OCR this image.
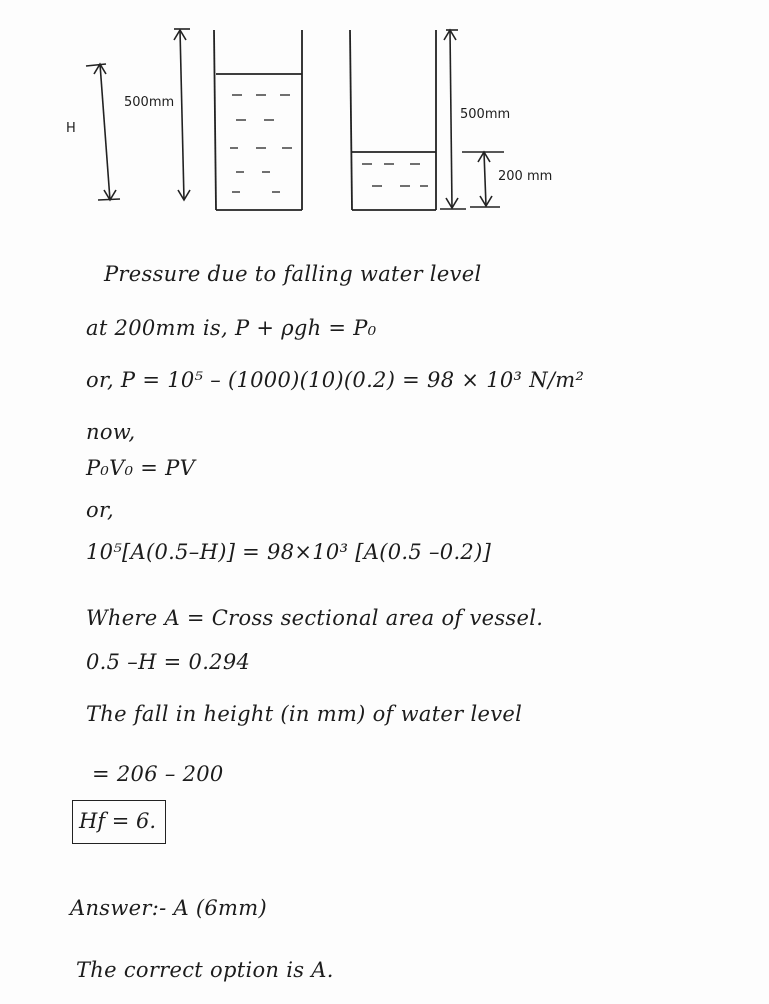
H
500mm
500mm
200 mm
Pressure due to falling water level
at 200mm is, P + ρgh = P₀
or, P = 10⁵ – (1000)(10)(0.2) = 98 × 10³ N/m²
now,
P₀V₀ = PV
or,
10⁵[A(0.5–H)] = 98×10³ [A(0.5 –0.2)]
Where A = Cross sectional area of vessel.
0.5 –H = 0.294
The fall in height (in mm) of water level
= 206 – 200
Hf = 6.
Answer:- A (6mm)
The correct option is A.
